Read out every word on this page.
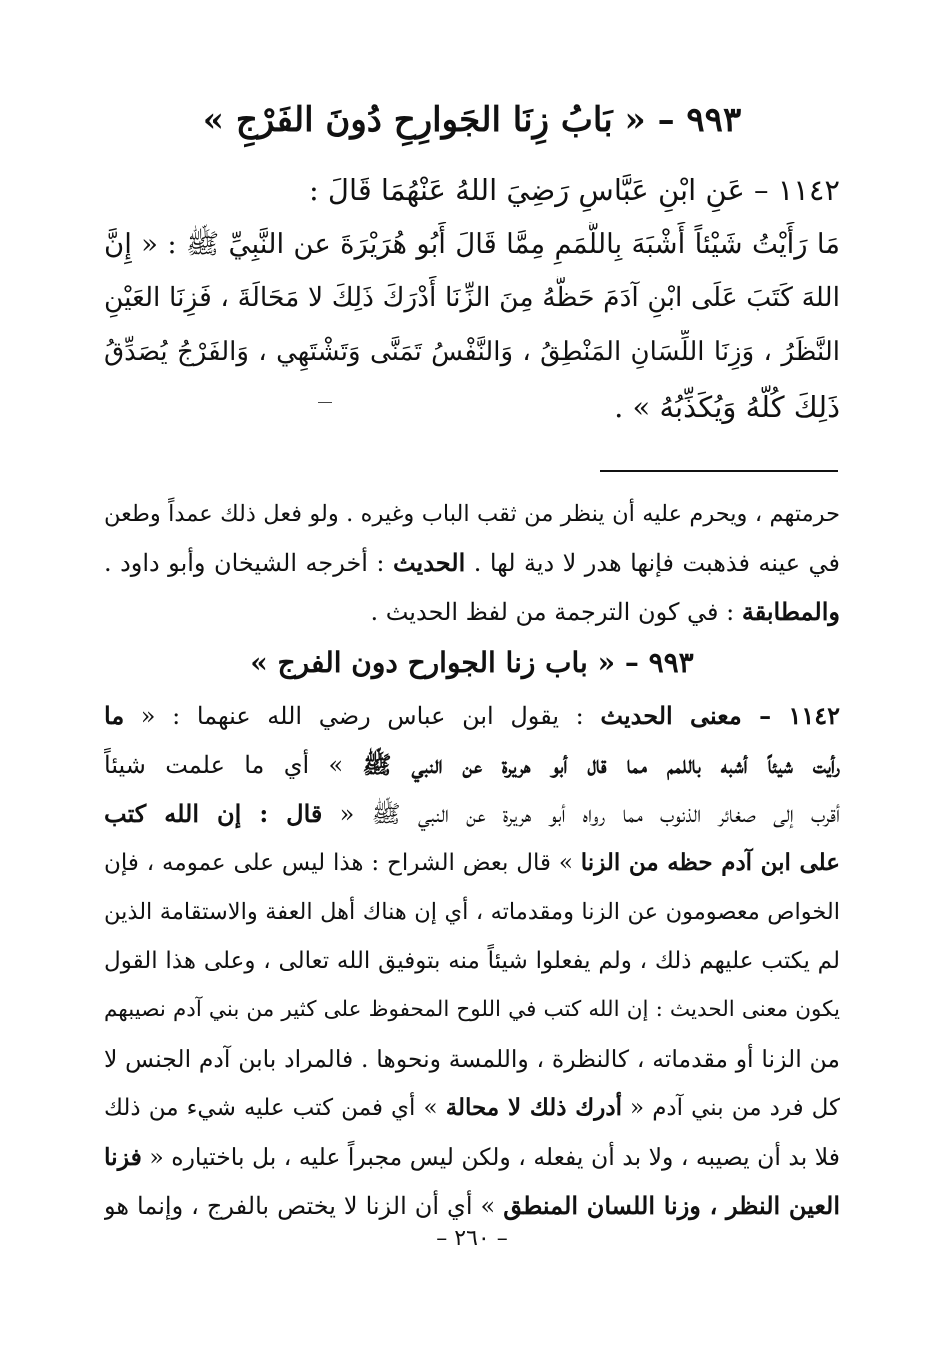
٩٩٣ – « بَابُ زِنَا الجَوارِحِ دُونَ الفَرْجِ »
١١٤٢ – عَنِ ابْنِ عَبَّاسٍ رَضِيَ اللهُ عَنْهُمَا قَالَ :
مَا رَأَيْتُ شَيْئاً أَشْبَهَ بِاللَّمَمِ مِمَّا قَالَ أَبُو هُرَيْرَةَ عن النَّبِيِّ ﷺ : « إِنَّ
اللهَ كَتَبَ عَلَى ابْنِ آدَمَ حَظَّهُ مِنَ الزِّنَا أَدْرَكَ ذَلِكَ لا مَحَالَةَ ، فَزِنَا العَيْنِ
النَّظَرُ ، وَزِنَا اللِّسَانِ المَنْطِقُ ، وَالنَّفْسُ تَمَنَّى وَتَشْتَهِي ، وَالفَرْجُ يُصَدِّقُ
ذَلِكَ كُلَّهُ وَيُكَذِّبُهُ » .
حرمتهم ، ويحرم عليه أن ينظر من ثقب الباب وغيره . ولو فعل ذلك عمداً وطعن
في عينه فذهبت فإنها هدر لا دية لها . الحديث : أخرجه الشيخان وأبو داود .
والمطابقة : في كون الترجمة من لفظ الحديث .
٩٩٣ – « باب زنا الجوارح دون الفرج »
١١٤٢ – معنى الحديث : يقول ابن عباس رضي الله عنهما : « ما
رأيت شيئاً أشبه باللمم مما قال أبو هريرة عن النبي ﷺ » أي ما علمت شيئاً
أقرب إلى صغائر الذنوب مما رواه أبو هريرة عن النبي ﷺ « قال : إن الله كتب
على ابن آدم حظه من الزنا » قال بعض الشراح : هذا ليس على عمومه ، فإن
الخواص معصومون عن الزنا ومقدماته ، أي إن هناك أهل العفة والاستقامة الذين
لم يكتب عليهم ذلك ، ولم يفعلوا شيئاً منه بتوفيق الله تعالى ، وعلى هذا القول
يكون معنى الحديث : إن الله كتب في اللوح المحفوظ على كثير من بني آدم نصيبهم
من الزنا أو مقدماته ، كالنظرة ، واللمسة ونحوها . فالمراد بابن آدم الجنس لا
كل فرد من بني آدم « أدرك ذلك لا محالة » أي فمن كتب عليه شيء من ذلك
فلا بد أن يصيبه ، ولا بد أن يفعله ، ولكن ليس مجبراً عليه ، بل باختياره « فزنا
العين النظر ، وزنا اللسان المنطق » أي أن الزنا لا يختص بالفرج ، وإنما هو
– ٢٦٠ –
